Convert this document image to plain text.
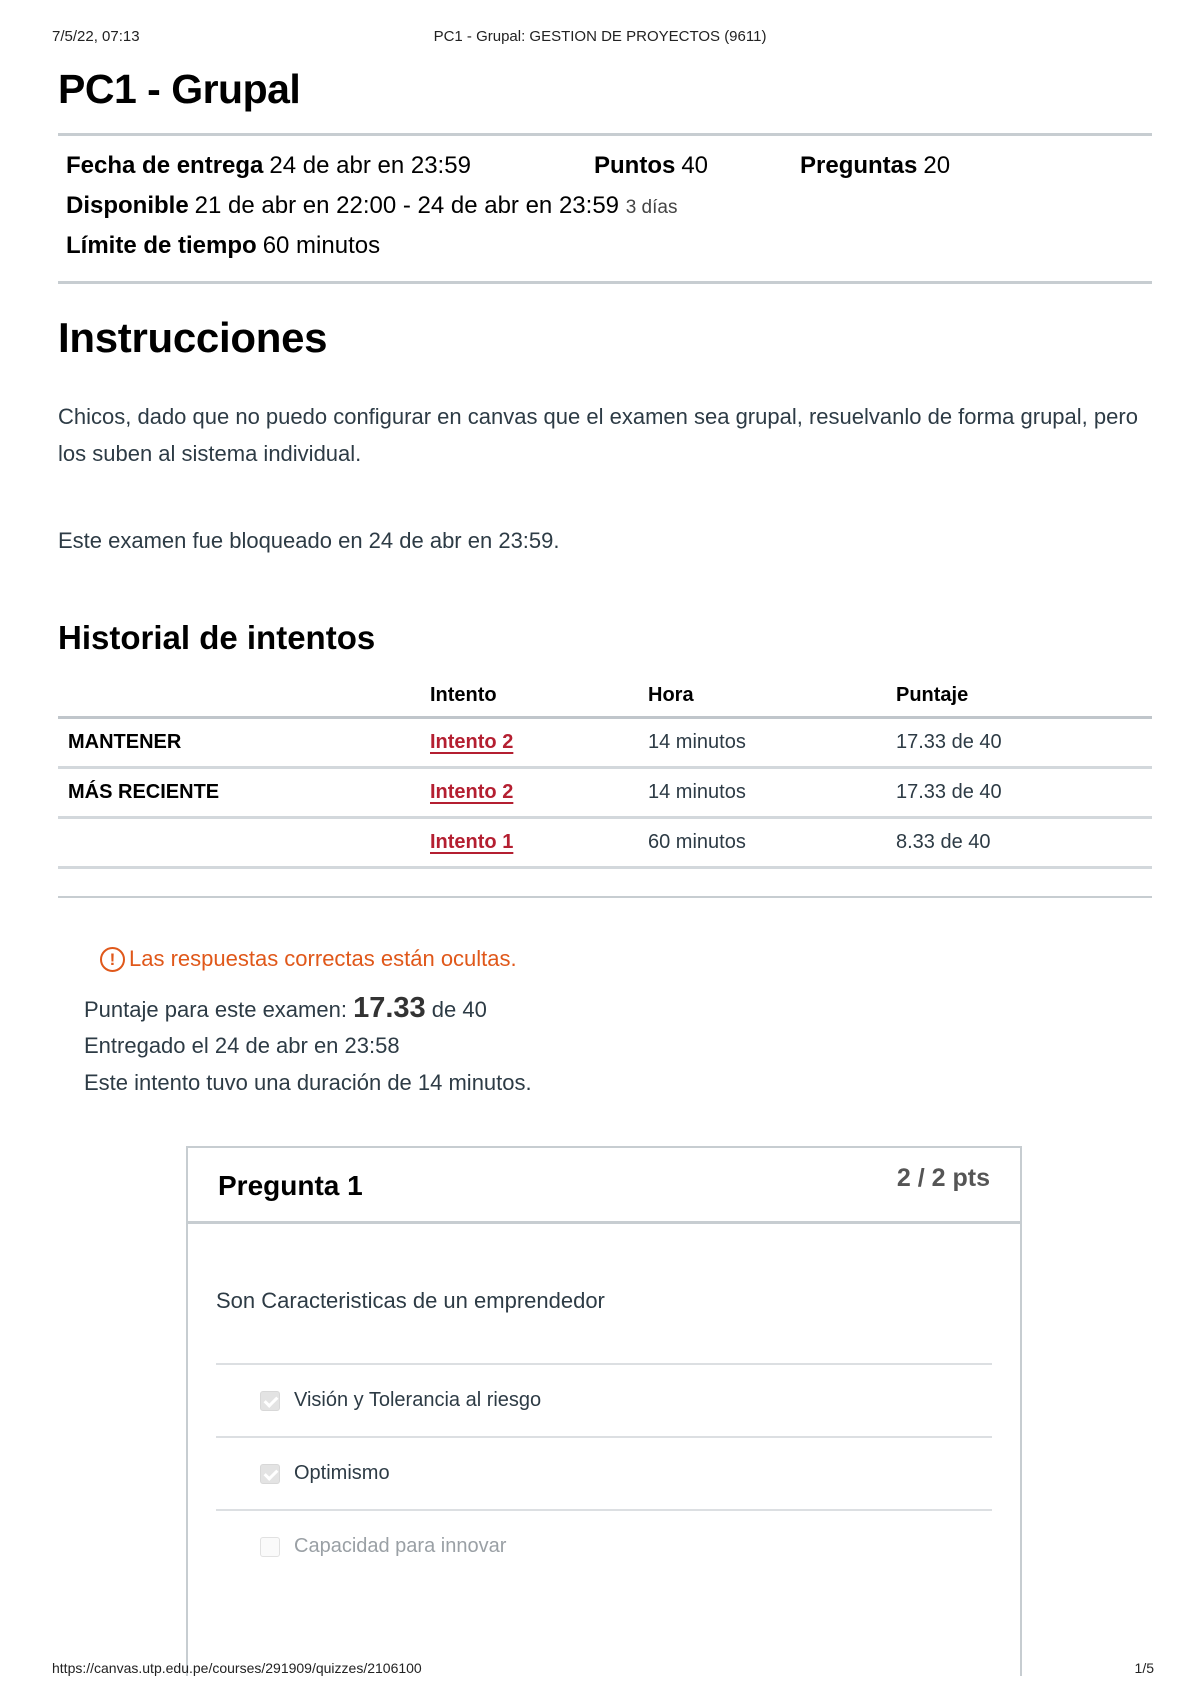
7/5/22, 07:13	PC1 - Grupal: GESTION DE PROYECTOS (9611)
PC1 - Grupal
Fecha de entrega 24 de abr en 23:59	Puntos 40	Preguntas 20
Disponible 21 de abr en 22:00 - 24 de abr en 23:59 3 días
Límite de tiempo 60 minutos
Instrucciones

Chicos, dado que no puedo configurar en canvas que el examen sea grupal, resuelvanlo de forma grupal, pero los suben al sistema individual.

Este examen fue bloqueado en 24 de abr en 23:59.

Historial de intentos
	Intento	Hora	Puntaje
MANTENER	Intento 2	14 minutos	17.33 de 40
MÁS RECIENTE	Intento 2	14 minutos	17.33 de 40
	Intento 1	60 minutos	8.33 de 40

! Las respuestas correctas están ocultas.
Puntaje para este examen: 17.33 de 40
Entregado el 24 de abr en 23:58
Este intento tuvo una duración de 14 minutos.
Pregunta 1	2 / 2 pts
Son Caracteristicas de un emprendedor
Visión y Tolerancia al riesgo
Optimismo
Capacidad para innovar
https://canvas.utp.edu.pe/courses/291909/quizzes/2106100	1/5
